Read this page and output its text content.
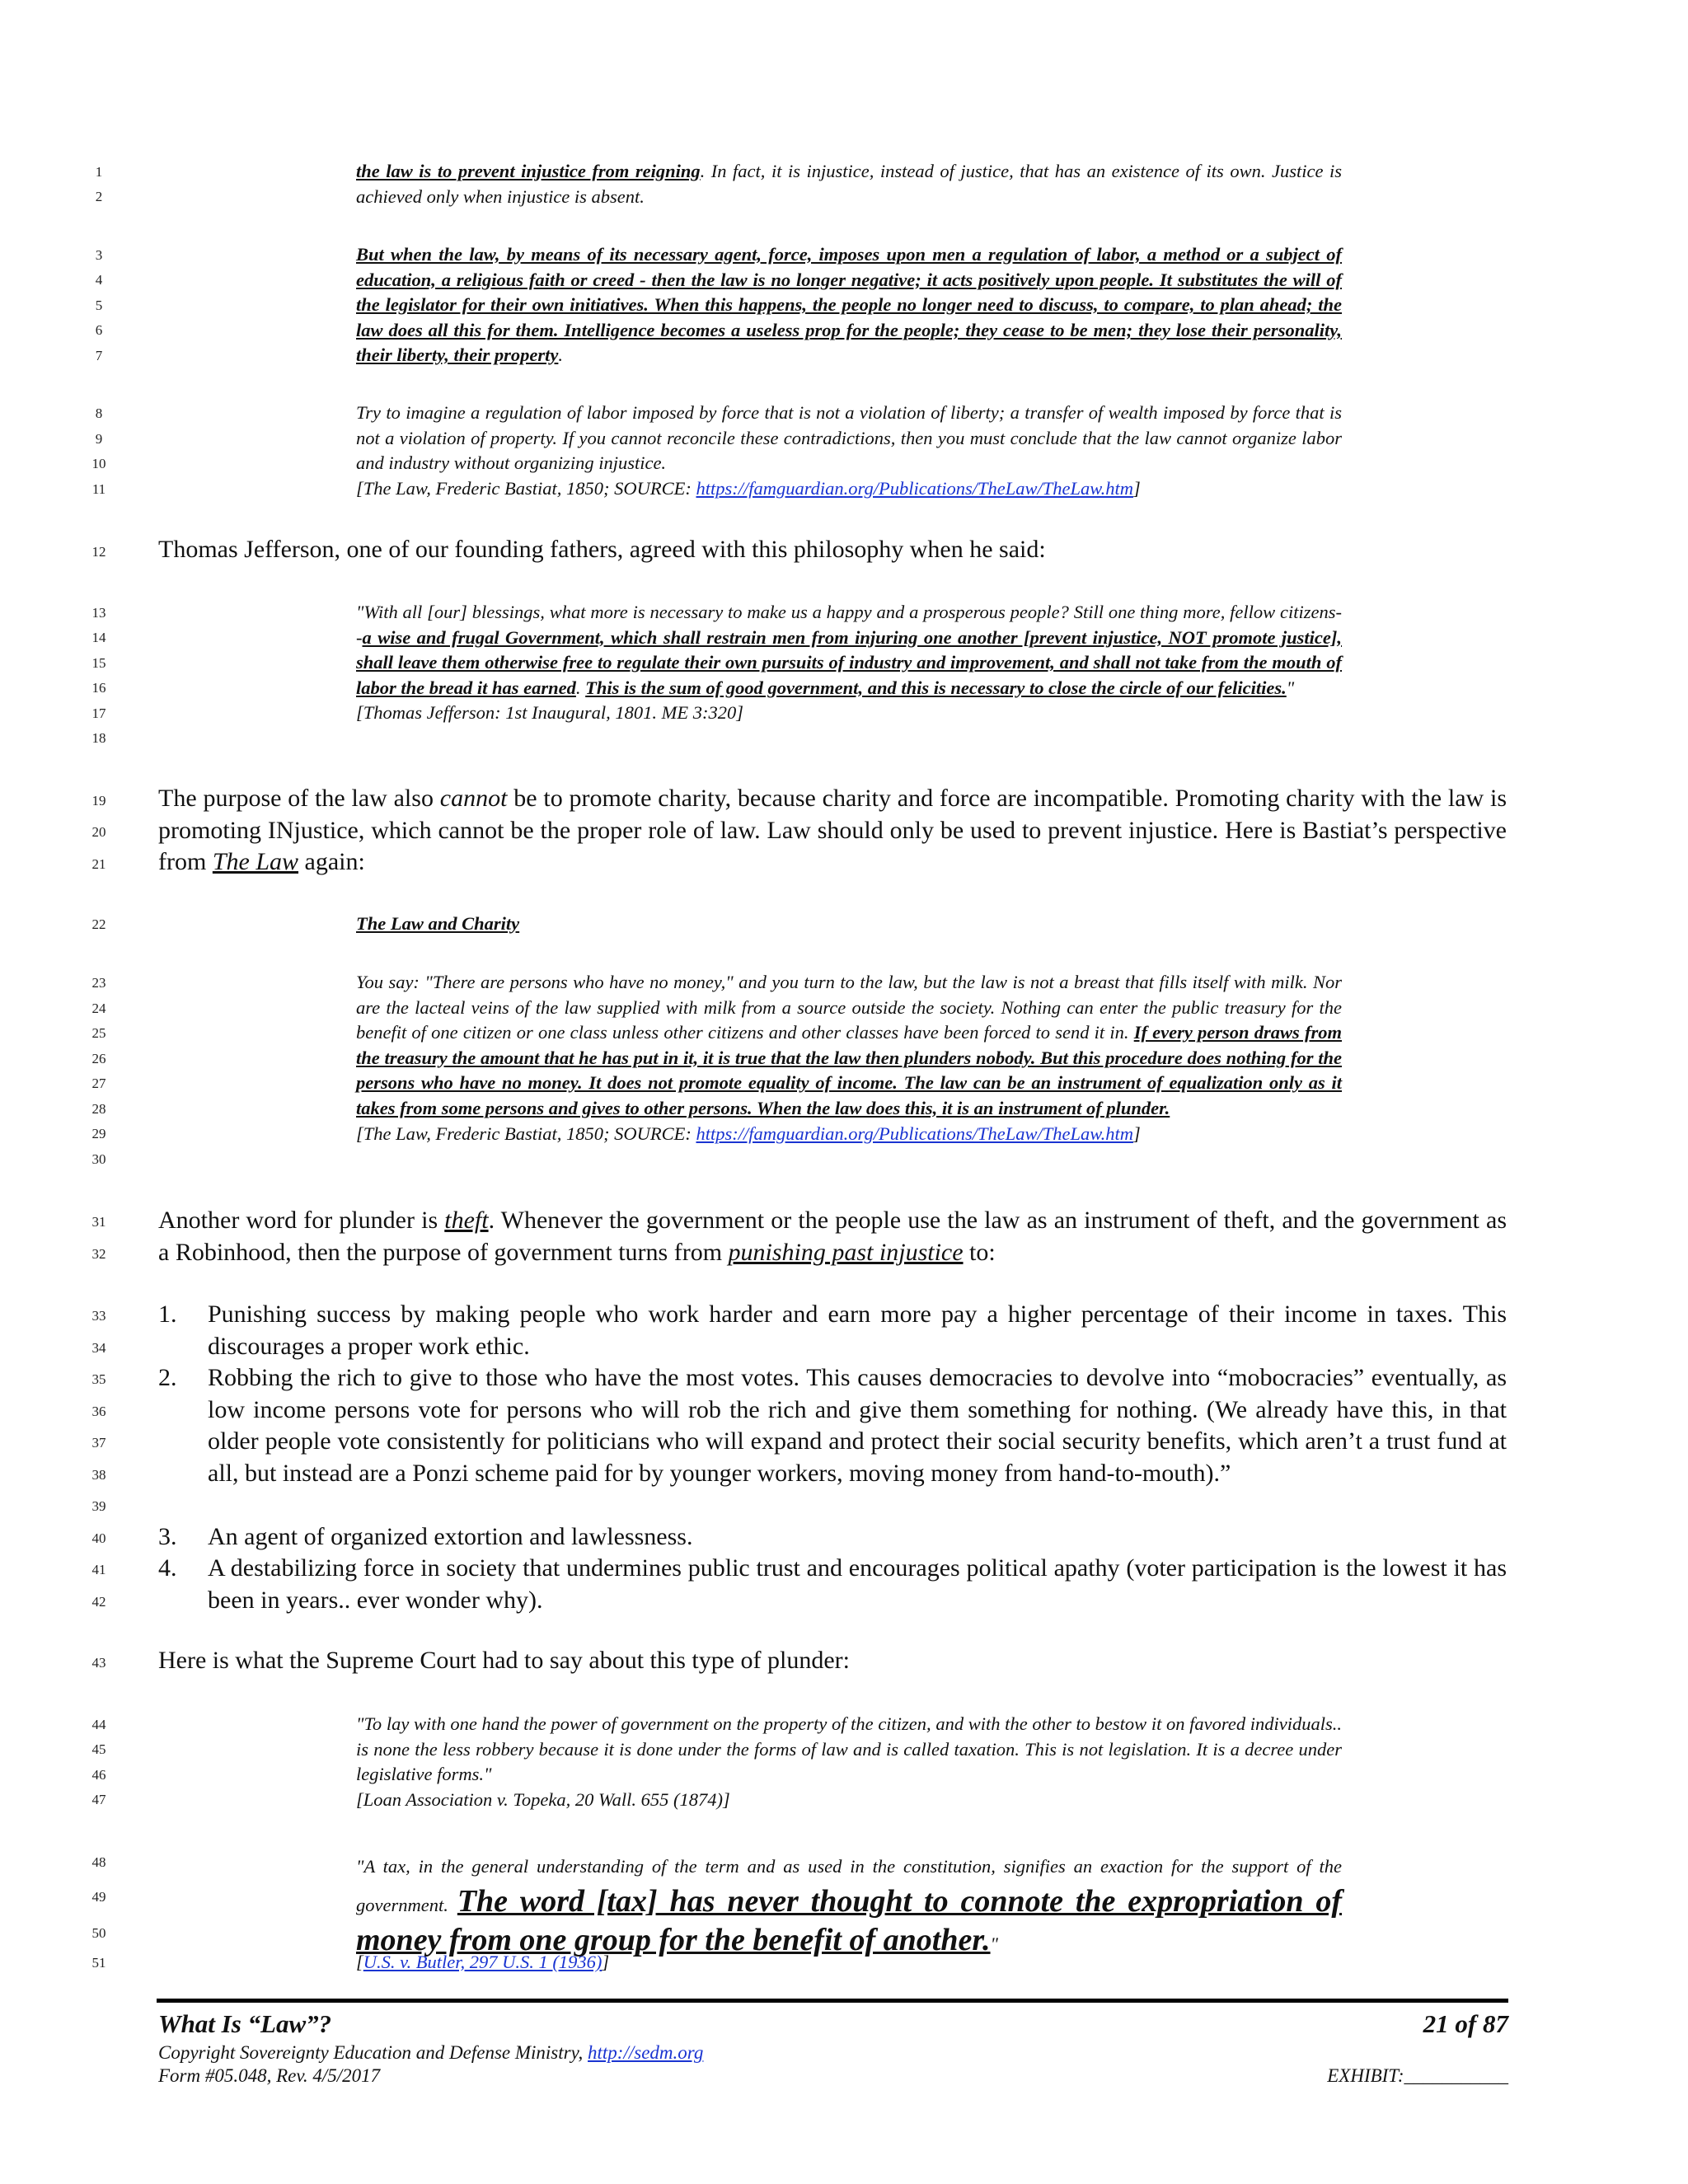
1
2
3
4
5
6
7
8
9
10
11
12
13
14
15
16
17
18
19
20
21
22
23
24
25
26
27
28
29
30
31
32
33
34
35
36
37
38
39
40
41
42
43
44
45
46
47
48
49
50
51

the law is to prevent injustice from reigning. In fact, it is injustice, instead of justice, that has an existence of its own. Justice is achieved only when injustice is absent.

But when the law, by means of its necessary agent, force, imposes upon men a regulation of labor, a method or a subject of education, a religious faith or creed - then the law is no longer negative; it acts positively upon people. It substitutes the will of the legislator for their own initiatives. When this happens, the people no longer need to discuss, to compare, to plan ahead; the law does all this for them. Intelligence becomes a useless prop for the people; they cease to be men; they lose their personality, their liberty, their property.

Try to imagine a regulation of labor imposed by force that is not a violation of liberty; a transfer of wealth imposed by force that is not a violation of property. If you cannot reconcile these contradictions, then you must conclude that the law cannot organize labor and industry without organizing injustice.

[The Law, Frederic Bastiat, 1850; SOURCE: https://famguardian.org/Publications/TheLaw/TheLaw.htm]

Thomas Jefferson, one of our founding fathers, agreed with this philosophy when he said:

"With all [our] blessings, what more is necessary to make us a happy and a prosperous people? Still one thing more, fellow citizens--a wise and frugal Government, which shall restrain men from injuring one another [prevent injustice, NOT promote justice], shall leave them otherwise free to regulate their own pursuits of industry and improvement, and shall not take from the mouth of labor the bread it has earned. This is the sum of good government, and this is necessary to close the circle of our felicities."

[Thomas Jefferson: 1st Inaugural, 1801. ME 3:320]

The purpose of the law also cannot be to promote charity, because charity and force are incompatible. Promoting charity with the law is promoting INjustice, which cannot be the proper role of law. Law should only be used to prevent injustice. Here is Bastiat’s perspective from The Law again:

The Law and Charity

You say: "There are persons who have no money," and you turn to the law, but the law is not a breast that fills itself with milk. Nor are the lacteal veins of the law supplied with milk from a source outside the society. Nothing can enter the public treasury for the benefit of one citizen or one class unless other citizens and other classes have been forced to send it in. If every person draws from the treasury the amount that he has put in it, it is true that the law then plunders nobody. But this procedure does nothing for the persons who have no money. It does not promote equality of income. The law can be an instrument of equalization only as it takes from some persons and gives to other persons. When the law does this, it is an instrument of plunder.

[The Law, Frederic Bastiat, 1850; SOURCE: https://famguardian.org/Publications/TheLaw/TheLaw.htm]

Another word for plunder is theft. Whenever the government or the people use the law as an instrument of theft, and the government as a Robinhood, then the purpose of government turns from punishing past injustice to:

1. Punishing success by making people who work harder and earn more pay a higher percentage of their income in taxes. This discourages a proper work ethic.
2. Robbing the rich to give to those who have the most votes. This causes democracies to devolve into “mobocracies” eventually, as low income persons vote for persons who will rob the rich and give them something for nothing. (We already have this, in that older people vote consistently for politicians who will expand and protect their social security benefits, which aren’t a trust fund at all, but instead are a Ponzi scheme paid for by younger workers, moving money from hand-to-mouth).”
3. An agent of organized extortion and lawlessness.
4. A destabilizing force in society that undermines public trust and encourages political apathy (voter participation is the lowest it has been in years.. ever wonder why).

Here is what the Supreme Court had to say about this type of plunder:

"To lay with one hand the power of government on the property of the citizen, and with the other to bestow it on favored individuals.. is none the less robbery because it is done under the forms of law and is called taxation. This is not legislation. It is a decree under legislative forms."

[Loan Association v. Topeka, 20 Wall. 655 (1874)]

"A tax, in the general understanding of the term and as used in the constitution, signifies an exaction for the support of the government. The word [tax] has never thought to connote the expropriation of money from one group for the benefit of another."

[U.S. v. Butler, 297 U.S. 1 (1936)]

What Is “Law”?	21 of 87
Copyright Sovereignty Education and Defense Ministry, http://sedm.org
Form #05.048, Rev. 4/5/2017	EXHIBIT:___________
